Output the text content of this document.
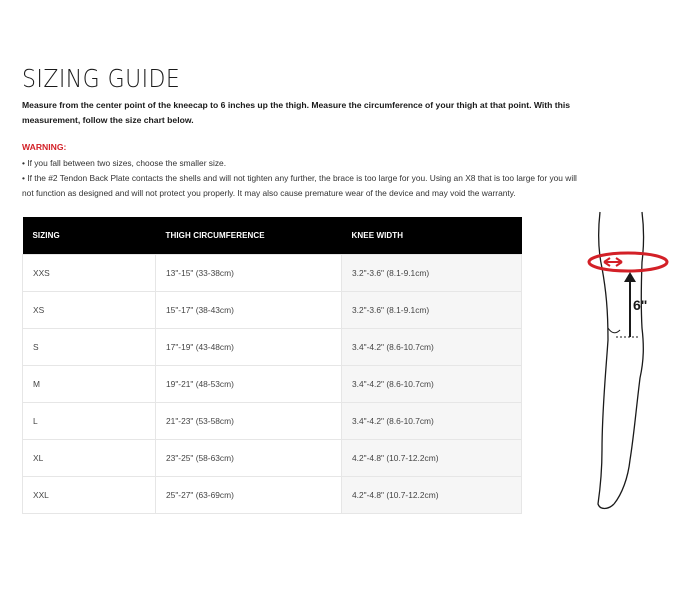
SIZING GUIDE
Measure from the center point of the kneecap to 6 inches up the thigh. Measure the circumference of your thigh at that point. With this measurement, follow the size chart below.
WARNING:

• If you fall between two sizes, choose the smaller size.

• If the #2 Tendon Back Plate contacts the shells and will not tighten any further, the brace is too large for you. Using an X8 that is too large for you will not function as designed and will not protect you properly. It may also cause premature wear of the device and may void the warranty.

SIZING	THIGH CIRCUMFERENCE	KNEE WIDTH
XXS	13"-15" (33-38cm)	3.2"-3.6" (8.1-9.1cm)
XS	15"-17" (38-43cm)	3.2"-3.6" (8.1-9.1cm)
S	17"-19" (43-48cm)	3.4"-4.2" (8.6-10.7cm)
M	19"-21" (48-53cm)	3.4"-4.2" (8.6-10.7cm)
L	21"-23" (53-58cm)	3.4"-4.2" (8.6-10.7cm)
XL	23"-25" (58-63cm)	4.2"-4.8" (10.7-12.2cm)
XXL	25"-27" (63-69cm)	4.2"-4.8" (10.7-12.2cm)
6"
